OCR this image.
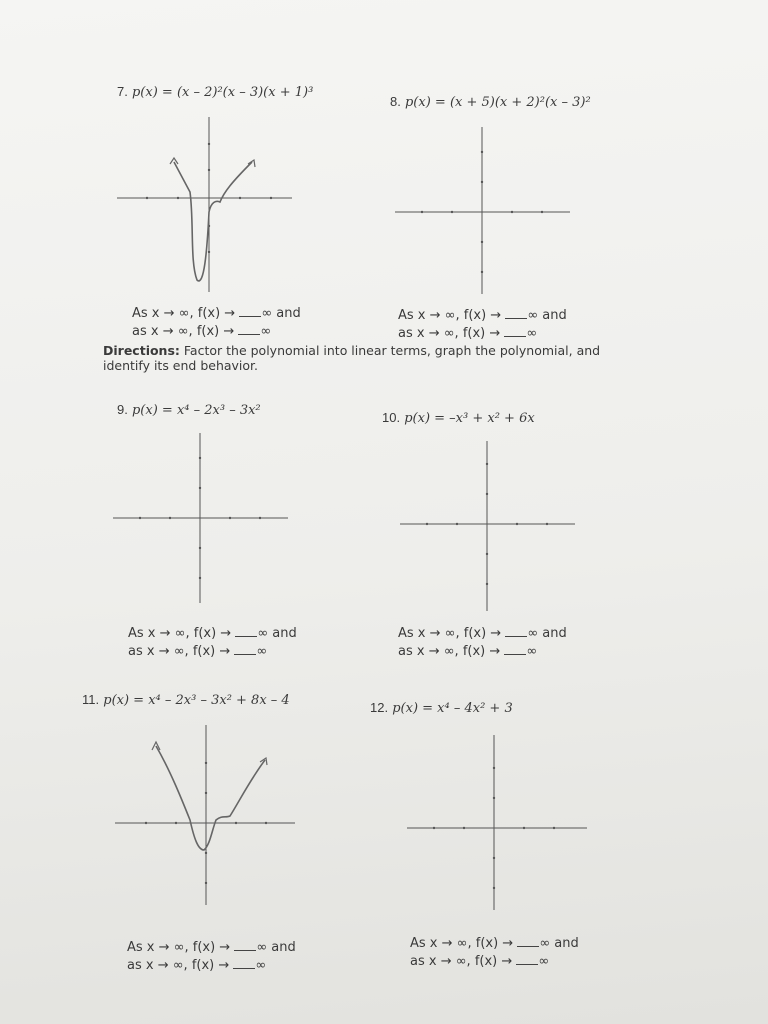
7. p(x) = (x – 2)²(x – 3)(x + 1)³
As x → ∞, f(x) → ∞ and
as x → ∞, f(x) → ∞
8. p(x) = (x + 5)(x + 2)²(x – 3)²
As x → ∞, f(x) → ∞ and
as x → ∞, f(x) → ∞
Directions: Factor the polynomial into linear terms, graph the polynomial, and identify its end behavior.
9. p(x) = x⁴ – 2x³ – 3x²
As x → ∞, f(x) → ∞ and
as x → ∞, f(x) → ∞
10. p(x) = –x³ + x² + 6x
As x → ∞, f(x) → ∞ and
as x → ∞, f(x) → ∞
11. p(x) = x⁴ – 2x³ – 3x² + 8x – 4
As x → ∞, f(x) → ∞ and
as x → ∞, f(x) → ∞
12. p(x) = x⁴ – 4x² + 3
As x → ∞, f(x) → ∞ and
as x → ∞, f(x) → ∞
